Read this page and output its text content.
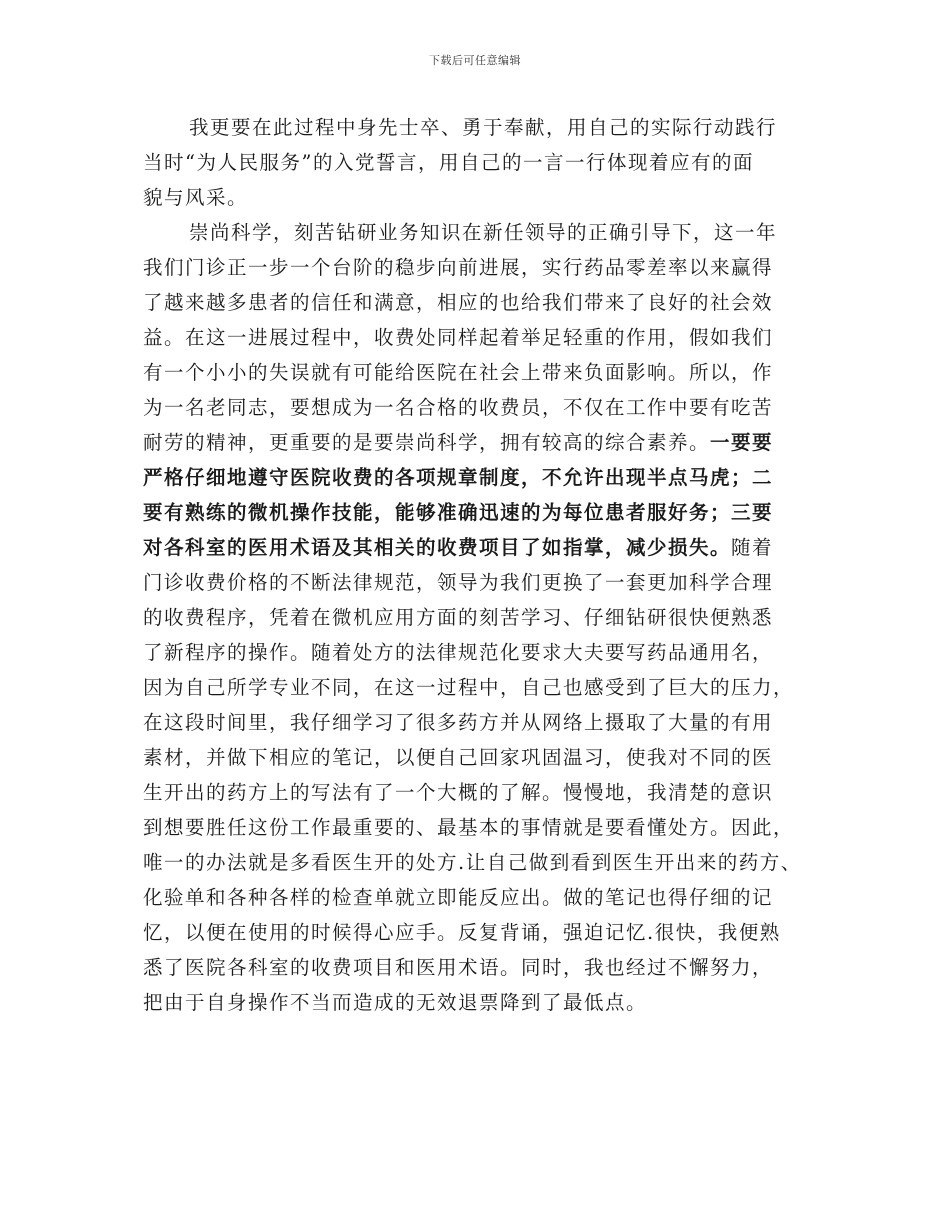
下载后可任意编辑
我更要在此过程中身先士卒、勇于奉献，用自己的实际行动践行
当时“为人民服务”的入党誓言，用自己的一言一行体现着应有的面
貌与风采。
崇尚科学，刻苦钻研业务知识在新任领导的正确引导下，这一年
我们门诊正一步一个台阶的稳步向前进展，实行药品零差率以来赢得
了越来越多患者的信任和满意，相应的也给我们带来了良好的社会效
益。在这一进展过程中，收费处同样起着举足轻重的作用，假如我们
有一个小小的失误就有可能给医院在社会上带来负面影响。所以，作
为一名老同志，要想成为一名合格的收费员，不仅在工作中要有吃苦
耐劳的精神，更重要的是要崇尚科学，拥有较高的综合素养。一要要
严格仔细地遵守医院收费的各项规章制度，不允许出现半点马虎；二
要有熟练的微机操作技能，能够准确迅速的为每位患者服好务；三要
对各科室的医用术语及其相关的收费项目了如指掌，减少损失。随着
门诊收费价格的不断法律规范，领导为我们更换了一套更加科学合理
的收费程序，凭着在微机应用方面的刻苦学习、仔细钻研很快便熟悉
了新程序的操作。随着处方的法律规范化要求大夫要写药品通用名，
因为自己所学专业不同，在这一过程中，自己也感受到了巨大的压力，
在这段时间里，我仔细学习了很多药方并从网络上摄取了大量的有用
素材，并做下相应的笔记，以便自己回家巩固温习，使我对不同的医
生开出的药方上的写法有了一个大概的了解。慢慢地，我清楚的意识
到想要胜任这份工作最重要的、最基本的事情就是要看懂处方。因此，
唯一的办法就是多看医生开的处方.让自己做到看到医生开出来的药方、
化验单和各种各样的检查单就立即能反应出。做的笔记也得仔细的记
忆，以便在使用的时候得心应手。反复背诵，强迫记忆.很快，我便熟
悉了医院各科室的收费项目和医用术语。同时，我也经过不懈努力，
把由于自身操作不当而造成的无效退票降到了最低点。
